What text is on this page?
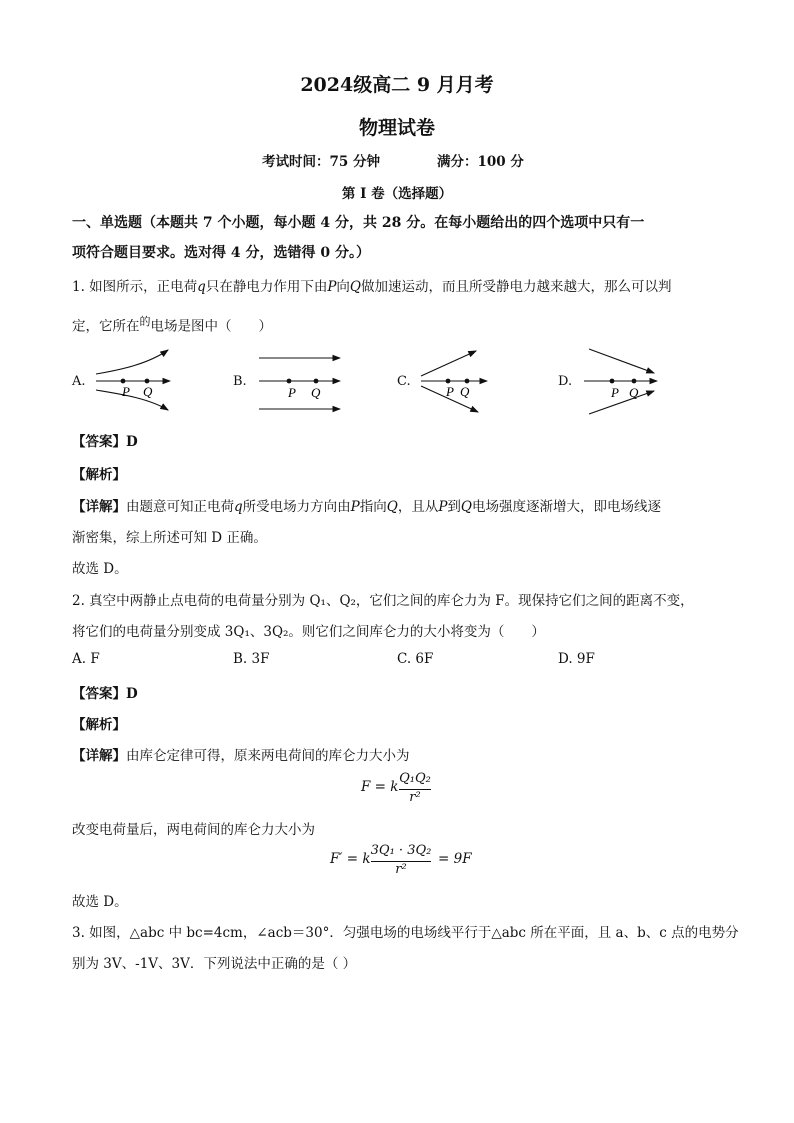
2024级高二 9 月月考
物理试卷
考试时间：75 分钟	满分：100 分
第 I 卷（选择题）
一、单选题（本题共 7 个小题，每小题 4 分，共 28 分。在每小题给出的四个选项中只有一
项符合题目要求。选对得 4 分，选错得 0 分。）
1. 如图所示，正电荷q只在静电力作用下由P向Q做加速运动，而且所受静电力越来越大，那么可以判
定，它所在$^的$电场是图中（　　）
A.	B.	C.	D.
P Q	P Q	P Q	P Q
【答案】D
【解析】
【详解】由题意可知正电荷q所受电场力方向由P指向Q，且从P到Q电场强度逐渐增大，即电场线逐
渐密集，综上所述可知 D 正确。
故选 D。
2. 真空中两静止点电荷的电荷量分别为 Q₁、Q₂，它们之间的库仑力为 F。现保持它们之间的距离不变，
将它们的电荷量分别变成 3Q₁、3Q₂。则它们之间库仑力的大小将变为（　　）
A. F	B. 3F	C. 6F	D. 9F
【答案】D
【解析】
【详解】由库仑定律可得，原来两电荷间的库仑力大小为
F = k
Q₁Q₂
r²
改变电荷量后，两电荷间的库仑力大小为
F′ = k
3Q₁ · 3Q₂
r²
= 9F
故选 D。
3. 如图，△abc 中 bc=4cm，∠acb＝30°．匀强电场的电场线平行于△abc 所在平面，且 a、b、c 点的电势分
别为 3V、-1V、3V．下列说法中正确的是（ ）
